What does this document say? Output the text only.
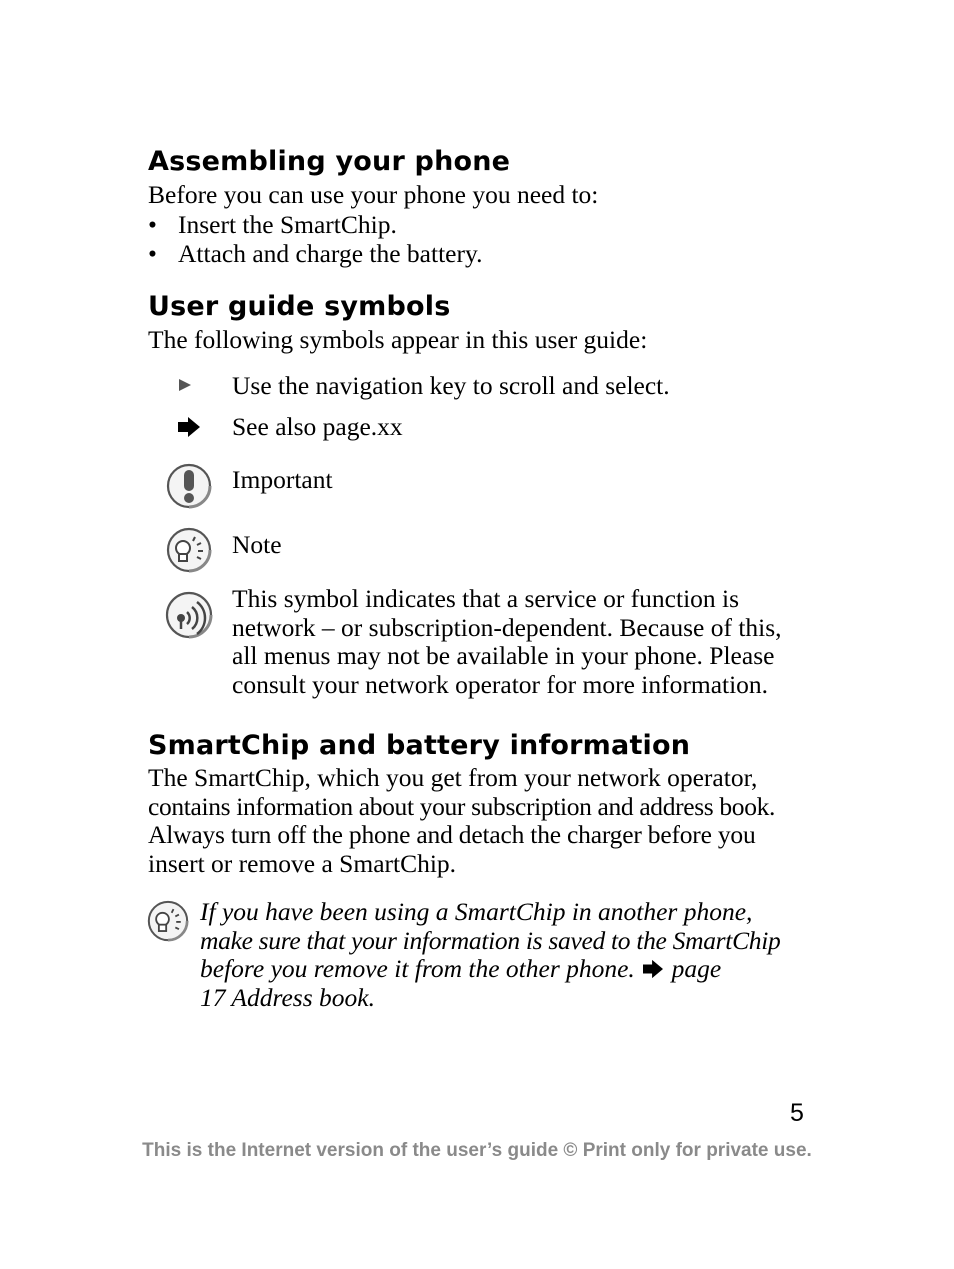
Assembling your phone
Before you can use your phone you need to:
• Insert the SmartChip.
• Attach and charge the battery.
User guide symbols
The following symbols appear in this user guide:
Use the navigation key to scroll and select.
See also page.xx
Important
Note
This symbol indicates that a service or function is
network – or subscription-dependent. Because of this,
all menus may not be available in your phone. Please
consult your network operator for more information.
SmartChip and battery information
The SmartChip, which you get from your network operator,
contains information about your subscription and address book.
Always turn off the phone and detach the charger before you
insert or remove a SmartChip.
If you have been using a SmartChip in another phone,
make sure that your information is saved to the SmartChip
before you remove it from the other phone. page
17 Address book.
5
This is the Internet version of the user’s guide © Print only for private use.
